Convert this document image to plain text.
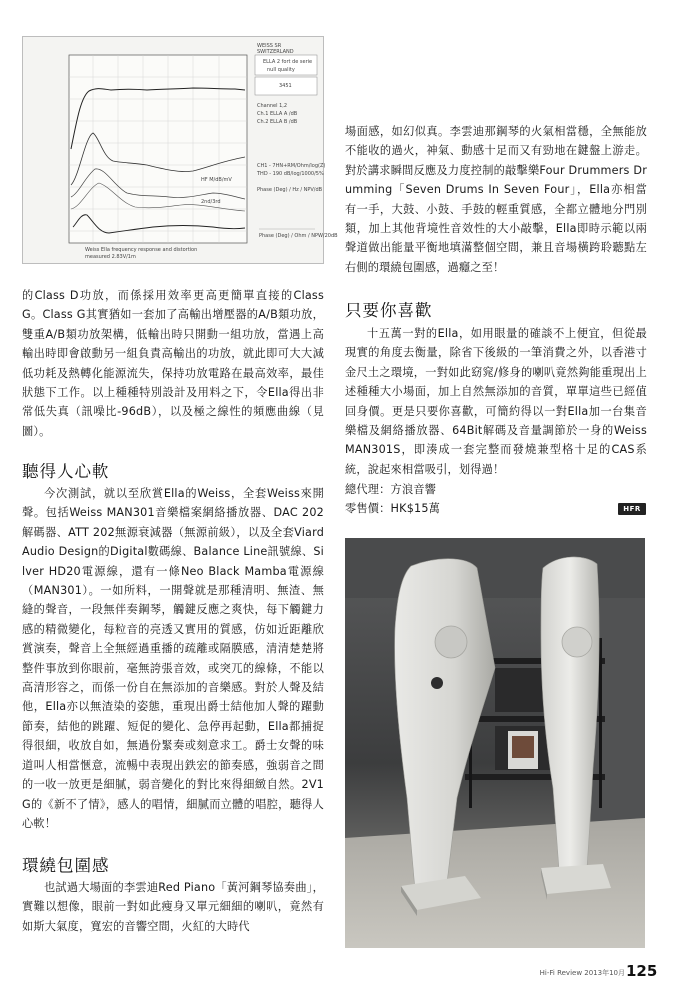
WEISS SR
SWITZERLAND
ELLA 2 fort de serie
null quality
3451
Channel 1,2
Ch.1 ELLA A /dB
Ch.2 ELLA B /dB
CH1 - 7HN+RM/Ohm/log(Z)
THD - 190 dB/log/1000/5%
Phase (Deg) / Hz / NPV/dB
HF M/dB/mV
2nd/3rd
Weiss Ella frequency response and distortion
measured 2.83V/1m
Phase (Deg) / Ohm / NPW/20dB
的Class D功放，而係採用效率更高更簡單直接的Class G。Class G其實猶如一套加了高輸出增壓器的A/B類功放，雙重A/B類功放架構，低輸出時只開動一組功放，當遇上高輸出時即會啟動另一組負責高輸出的功放，就此即可大大減低功耗及熱轉化能源流失，保持功放電路在最高效率，最佳狀態下工作。以上種種特別設計及用料之下，令Ella得出非常低失真（訊噪比-96dB），以及極之線性的頻應曲線（見圖）。
聽得人心軟
今次測試，就以至欣賞Ella的Weiss，全套Weiss來開聲。包括Weiss MAN301音樂檔案網絡播放器、DAC 202解碼器、ATT 202無源衰減器（無源前級），以及全套Viard Audio Design的Digital數碼線、Balance Line訊號線、Silver HD20電源線，還有一條Neo Black Mamba電源線（MAN301）。一如所料，一開聲就是那種清明、無渣、無縫的聲音，一段無伴奏鋼琴，觸鍵反應之爽快，每下觸鍵力感的精微變化，每粒音的亮透又實用的質感，仿如近距離欣賞演奏，聲音上全無經過重播的疏離或隔膜感，清清楚楚將整件事放到你眼前，毫無誇張音效，或突兀的線條，不能以高清形容之，而係一份自在無添加的音樂感。對於人聲及結他，Ella亦以無渣染的姿態，重現出爵士結他加人聲的躍動節奏，結他的跳躍、短促的變化、急停再起動，Ella都捕捉得很細，收放自如，無過份緊奏或刻意求工。爵士女聲的味道叫人相當愜意，流暢中表現出鉄宏的節奏感，強弱音之間的一收一放更是細膩，弱音變化的對比來得細緻自然。2V1G的《新不了情》，感人的唱情，細膩而立體的唱腔，聽得人心軟！
環繞包圍感
也試過大場面的李雲迪Red Piano「黃河鋼琴協奏曲」，實難以想像，眼前一對如此瘦身又單元細細的喇叭，竟然有如斯大氣度，寬宏的音響空間，火紅的大時代
場面感，如幻似真。李雲迪那鋼琴的火氣相當穩，全無能放不能收的過火，神氣、動感十足而又有勁地在鍵盤上游走。對於講求瞬間反應及力度控制的敲擊樂Four Drummers Drumming「Seven Drums In Seven Four」，Ella亦相當有一手，大鼓、小鼓、手鼓的輕重質感，全都立體地分門別類，加上其他背境性音效性的大小敲擊，Ella即時示範以兩聲道做出能量平衡地填滿整個空間，兼且音場橫跨聆聽點左右側的環繞包圍感，過癮之至！
只要你喜歡
十五萬一對的Ella，如用眼量的確談不上便宜，但從最現實的角度去衡量，除省下後級的一筆消費之外，以香港寸金尺土之環境，一對如此窈窕/修身的喇叭竟然夠能重現出上述種種大小場面，加上自然無添加的音質，單單這些已經值回身價。更是只要你喜歡，可簡約得以一對Ella加一台集音樂檔及網絡播放器、64Bit解碼及音量調節於一身的Weiss MAN301S，即湊成一套完整而發燒兼型格十足的CAS系統，說起來相當吸引，划得過！
總代理：方浪音響
零售價：HK$15萬	HFR
Hi-Fi Review 2013年10月 125
